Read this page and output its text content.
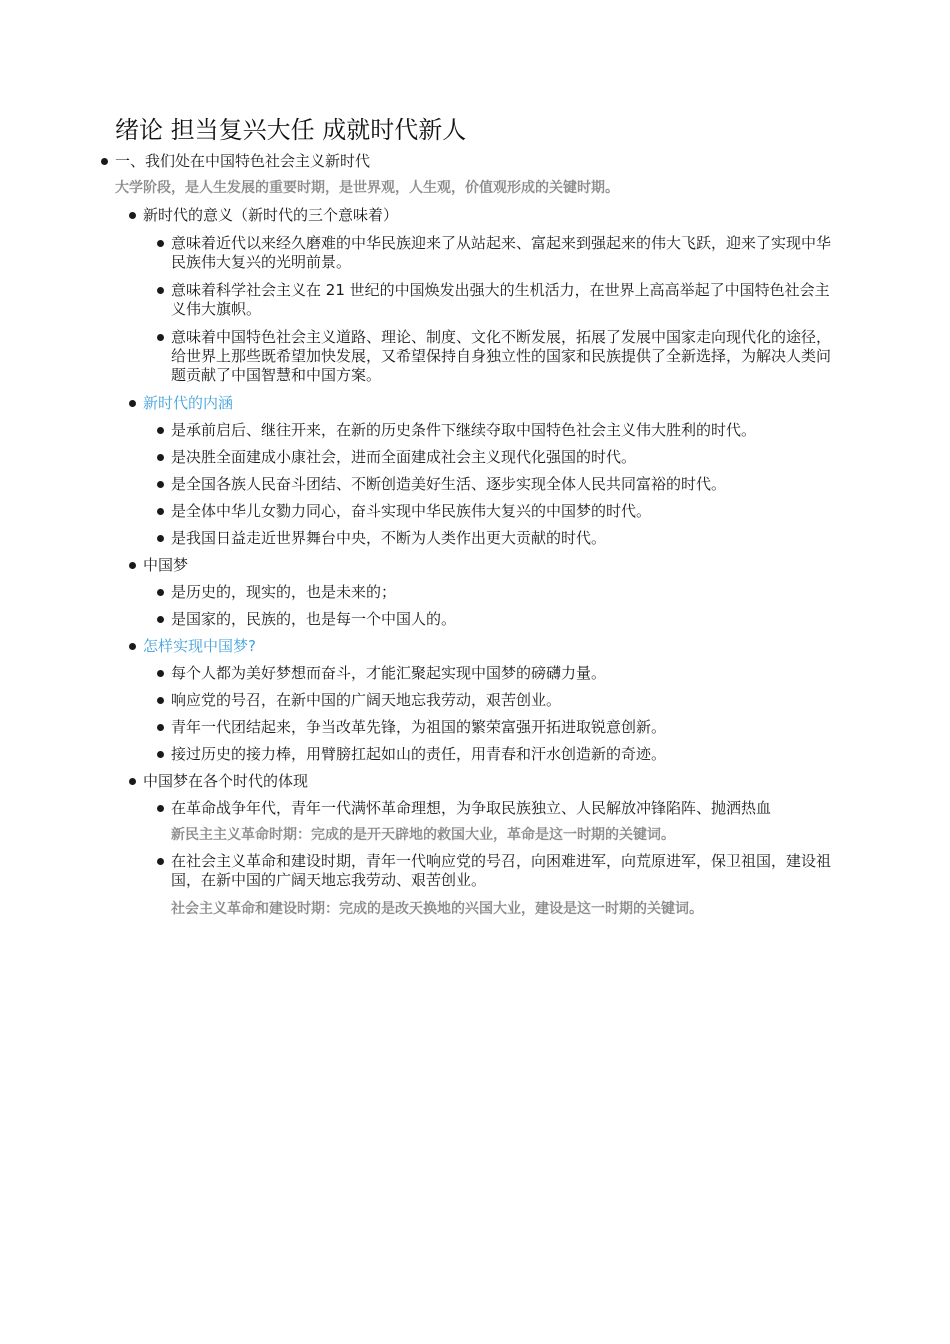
绪论 担当复兴大任 成就时代新人
一、我们处在中国特色社会主义新时代
大学阶段，是人生发展的重要时期，是世界观，人生观，价值观形成的关键时期。
新时代的意义（新时代的三个意味着）
意味着近代以来经久磨难的中华民族迎来了从站起来、富起来到强起来的伟大飞跃，迎来了实现中华民族伟大复兴的光明前景。
意味着科学社会主义在 21 世纪的中国焕发出强大的生机活力，在世界上高高举起了中国特色社会主义伟大旗帜。
意味着中国特色社会主义道路、理论、制度、文化不断发展，拓展了发展中国家走向现代化的途径，给世界上那些既希望加快发展，又希望保持自身独立性的国家和民族提供了全新选择，为解决人类问题贡献了中国智慧和中国方案。
新时代的内涵
是承前启后、继往开来，在新的历史条件下继续夺取中国特色社会主义伟大胜利的时代。
是决胜全面建成小康社会，进而全面建成社会主义现代化强国的时代。
是全国各族人民奋斗团结、不断创造美好生活、逐步实现全体人民共同富裕的时代。
是全体中华儿女勠力同心，奋斗实现中华民族伟大复兴的中国梦的时代。
是我国日益走近世界舞台中央，不断为人类作出更大贡献的时代。
中国梦
是历史的，现实的，也是未来的；
是国家的，民族的，也是每一个中国人的。
怎样实现中国梦?
每个人都为美好梦想而奋斗，才能汇聚起实现中国梦的磅礴力量。
响应党的号召，在新中国的广阔天地忘我劳动，艰苦创业。
青年一代团结起来，争当改革先锋，为祖国的繁荣富强开拓进取锐意创新。
接过历史的接力棒，用臂膀扛起如山的责任，用青春和汗水创造新的奇迹。
中国梦在各个时代的体现
在革命战争年代，青年一代满怀革命理想，为争取民族独立、人民解放冲锋陷阵、抛洒热血
新民主主义革命时期：完成的是开天辟地的救国大业，革命是这一时期的关键词。
在社会主义革命和建设时期，青年一代响应党的号召，向困难进军，向荒原进军，保卫祖国，建设祖国，在新中国的广阔天地忘我劳动、艰苦创业。
社会主义革命和建设时期：完成的是改天换地的兴国大业，建设是这一时期的关键词。
